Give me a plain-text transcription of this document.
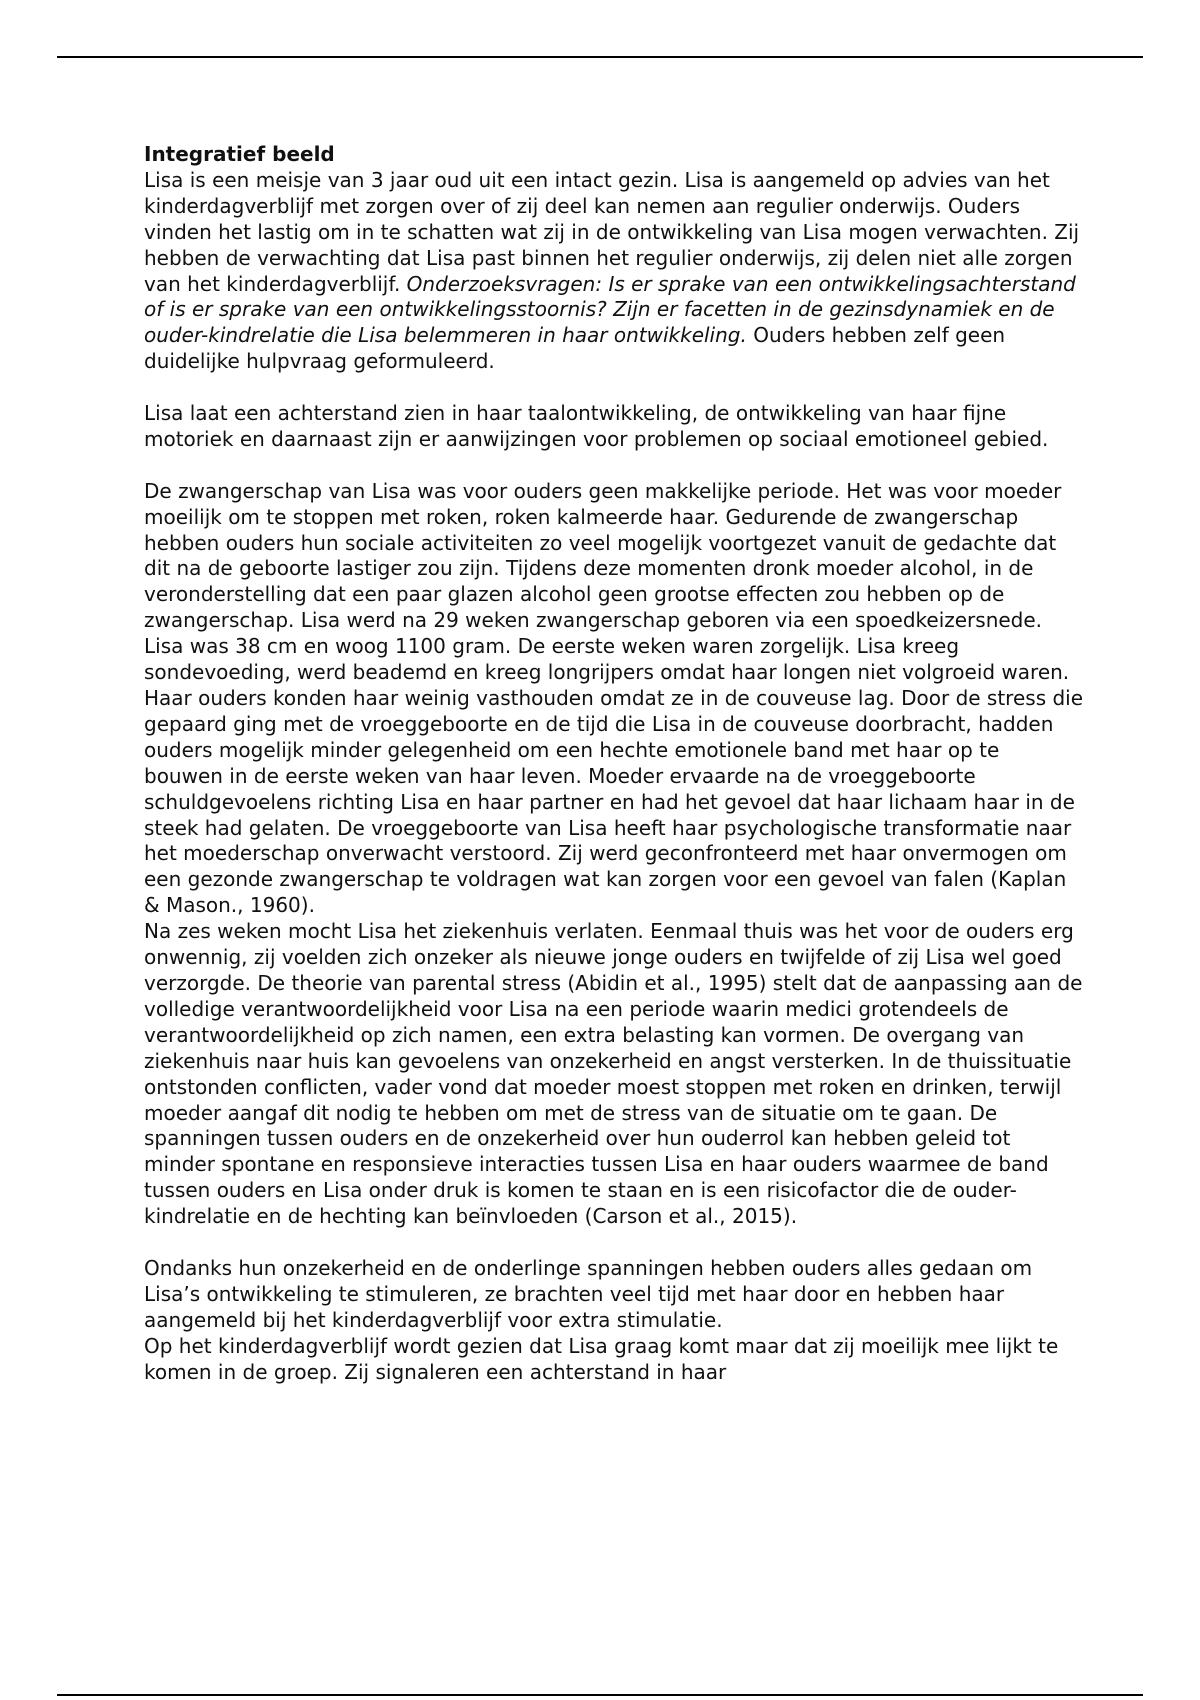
Integratief beeld

Lisa is een meisje van 3 jaar oud uit een intact gezin. Lisa is aangemeld op advies van het kinderdagverblijf met zorgen over of zij deel kan nemen aan regulier onderwijs. Ouders vinden het lastig om in te schatten wat zij in de ontwikkeling van Lisa mogen verwachten. Zij hebben de verwachting dat Lisa past binnen het regulier onderwijs, zij delen niet alle zorgen van het kinderdagverblijf. Onderzoeksvragen: Is er sprake van een ontwikkelingsachterstand of is er sprake van een ontwikkelingsstoornis? Zijn er facetten in de gezinsdynamiek en de ouder-kindrelatie die Lisa belemmeren in haar ontwikkeling. Ouders hebben zelf geen duidelijke hulpvraag geformuleerd.

Lisa laat een achterstand zien in haar taalontwikkeling, de ontwikkeling van haar fijne motoriek en daarnaast zijn er aanwijzingen voor problemen op sociaal emotioneel gebied.

De zwangerschap van Lisa was voor ouders geen makkelijke periode. Het was voor moeder moeilijk om te stoppen met roken, roken kalmeerde haar. Gedurende de zwangerschap hebben ouders hun sociale activiteiten zo veel mogelijk voortgezet vanuit de gedachte dat dit na de geboorte lastiger zou zijn. Tijdens deze momenten dronk moeder alcohol, in de veronderstelling dat een paar glazen alcohol geen grootse effecten zou hebben op de zwangerschap. Lisa werd na 29 weken zwangerschap geboren via een spoedkeizersnede. Lisa was 38 cm en woog 1100 gram. De eerste weken waren zorgelijk. Lisa kreeg sondevoeding, werd beademd en kreeg longrijpers omdat haar longen niet volgroeid waren. Haar ouders konden haar weinig vasthouden omdat ze in de couveuse lag. Door de stress die gepaard ging met de vroeggeboorte en de tijd die Lisa in de couveuse doorbracht, hadden ouders mogelijk minder gelegenheid om een hechte emotionele band met haar op te bouwen in de eerste weken van haar leven. Moeder ervaarde na de vroeggeboorte schuldgevoelens richting Lisa en haar partner en had het gevoel dat haar lichaam haar in de steek had gelaten. De vroeggeboorte van Lisa heeft haar psychologische transformatie naar het moederschap onverwacht verstoord. Zij werd geconfronteerd met haar onvermogen om een gezonde zwangerschap te voldragen wat kan zorgen voor een gevoel van falen (Kaplan & Mason., 1960).

Na zes weken mocht Lisa het ziekenhuis verlaten. Eenmaal thuis was het voor de ouders erg onwennig, zij voelden zich onzeker als nieuwe jonge ouders en twijfelde of zij Lisa wel goed verzorgde. De theorie van parental stress (Abidin et al., 1995) stelt dat de aanpassing aan de volledige verantwoordelijkheid voor Lisa na een periode waarin medici grotendeels de verantwoordelijkheid op zich namen, een extra belasting kan vormen. De overgang van ziekenhuis naar huis kan gevoelens van onzekerheid en angst versterken. In de thuissituatie ontstonden conflicten, vader vond dat moeder moest stoppen met roken en drinken, terwijl moeder aangaf dit nodig te hebben om met de stress van de situatie om te gaan. De spanningen tussen ouders en de onzekerheid over hun ouderrol kan hebben geleid tot minder spontane en responsieve interacties tussen Lisa en haar ouders waarmee de band tussen ouders en Lisa onder druk is komen te staan en is een risicofactor die de ouder-kindrelatie en de hechting kan beïnvloeden (Carson et al., 2015).

Ondanks hun onzekerheid en de onderlinge spanningen hebben ouders alles gedaan om Lisa’s ontwikkeling te stimuleren, ze brachten veel tijd met haar door en hebben haar aangemeld bij het kinderdagverblijf voor extra stimulatie.

Op het kinderdagverblijf wordt gezien dat Lisa graag komt maar dat zij moeilijk mee lijkt te komen in de groep. Zij signaleren een achterstand in haar
